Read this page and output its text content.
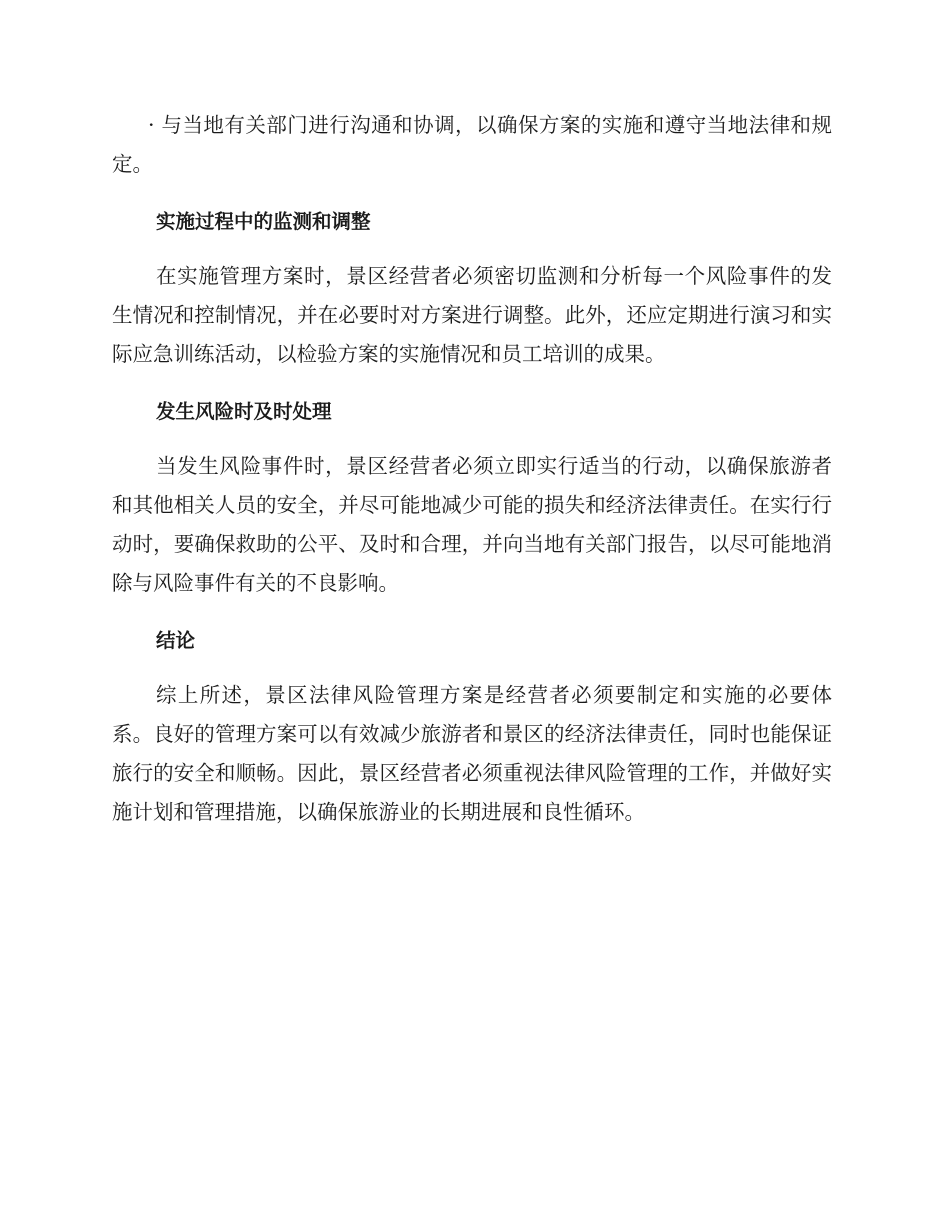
· 与当地有关部门进行沟通和协调，以确保方案的实施和遵守当地法律和规定。

实施过程中的监测和调整

在实施管理方案时，景区经营者必须密切监测和分析每一个风险事件的发生情况和控制情况，并在必要时对方案进行调整。此外，还应定期进行演习和实际应急训练活动，以检验方案的实施情况和员工培训的成果。

发生风险时及时处理

当发生风险事件时，景区经营者必须立即实行适当的行动，以确保旅游者和其他相关人员的安全，并尽可能地减少可能的损失和经济法律责任。在实行行动时，要确保救助的公平、及时和合理，并向当地有关部门报告，以尽可能地消除与风险事件有关的不良影响。

结论

综上所述，景区法律风险管理方案是经营者必须要制定和实施的必要体系。良好的管理方案可以有效减少旅游者和景区的经济法律责任，同时也能保证旅行的安全和顺畅。因此，景区经营者必须重视法律风险管理的工作，并做好实施计划和管理措施，以确保旅游业的长期进展和良性循环。
